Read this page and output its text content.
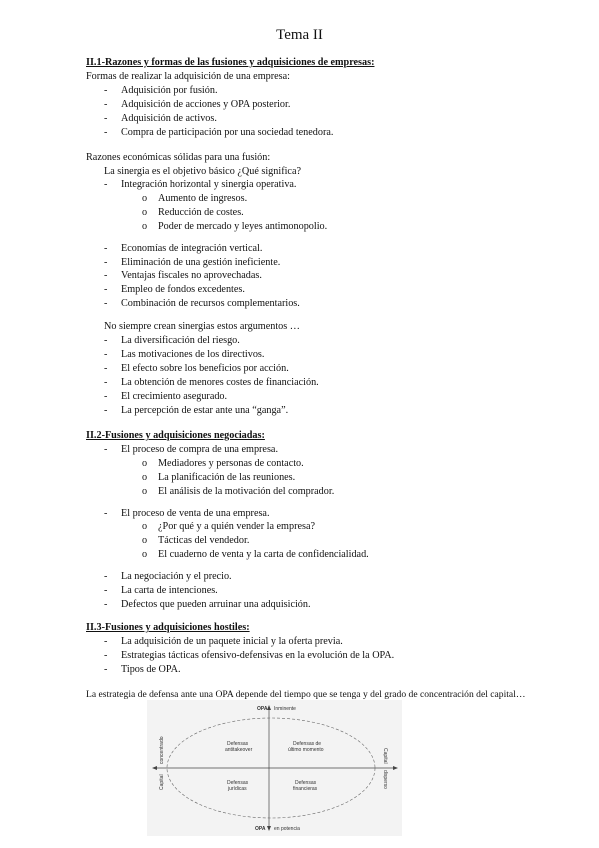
Tema II
II.1-Razones y formas de las fusiones y adquisiciones de empresas:
Formas de realizar la adquisición de una empresa:
- Adquisición por fusión.
- Adquisición de acciones y OPA posterior.
- Adquisición de activos.
- Compra de participación por una sociedad tenedora.
Razones económicas sólidas para una fusión:
La sinergia es el objetivo básico ¿Qué significa?
- Integración horizontal y sinergia operativa.
o Aumento de ingresos.
o Reducción de costes.
o Poder de mercado y leyes antimonopolio.
- Economías de integración vertical.
- Eliminación de una gestión ineficiente.
- Ventajas fiscales no aprovechadas.
- Empleo de fondos excedentes.
- Combinación de recursos complementarios.
No siempre crean sinergias estos argumentos …
- La diversificación del riesgo.
- Las motivaciones de los directivos.
- El efecto sobre los beneficios por acción.
- La obtención de menores costes de financiación.
- El crecimiento asegurado.
- La percepción de estar ante una “ganga”.
II.2-Fusiones y adquisiciones negociadas:
- El proceso de compra de una empresa.
o Mediadores y personas de contacto.
o La planificación de las reuniones.
o El análisis de la motivación del comprador.
- El proceso de venta de una empresa.
o ¿Por qué y a quién vender la empresa?
o Tácticas del vendedor.
o El cuaderno de venta y la carta de confidencialidad.
- La negociación y el precio.
- La carta de intenciones.
- Defectos que pueden arruinar una adquisición.
II.3-Fusiones y adquisiciones hostiles:
- La adquisición de un paquete inicial y la oferta previa.
- Estrategias tácticas ofensivo-defensivas en la evolución de la OPA.
- Tipos de OPA.
La estrategia de defensa ante una OPA depende del tiempo que se tenga y del grado de concentración del capital…
OPA Inminente
OPA en potencia
Capital
concentrado	Capital
disperso
Defensas
antitakeover
Defensas de
último momento
Defensas
jurídicas
Defensas
financieras
